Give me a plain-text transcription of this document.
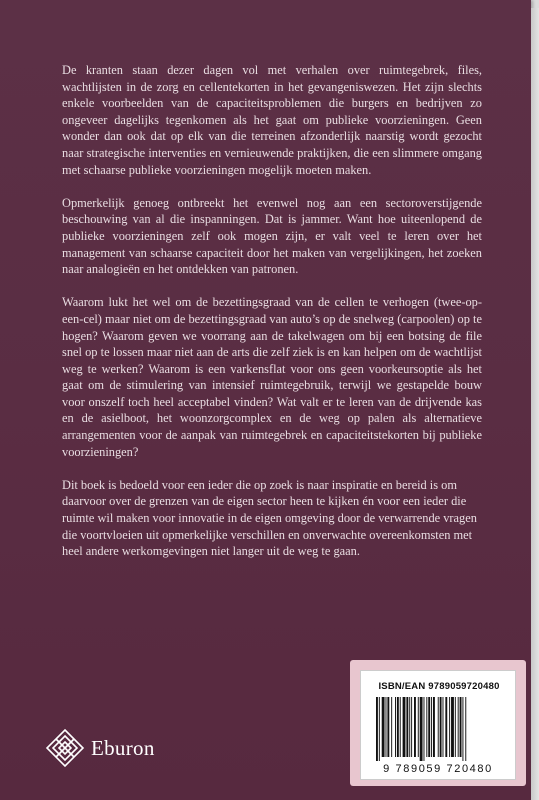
De kranten staan dezer dagen vol met verhalen over ruimtegebrek, files, wachtlijsten in de zorg en cellentekorten in het gevangeniswezen. Het zijn slechts enkele voorbeelden van de capaciteitsproblemen die burgers en bedrijven zo ongeveer dagelijks tegenkomen als het gaat om publieke voorzieningen. Geen wonder dan ook dat op elk van die terreinen afzonderlijk naarstig wordt gezocht naar strategische interventies en vernieuwende praktijken, die een slimmere omgang met schaarse publieke voorzieningen mogelijk moeten maken.

Opmerkelijk genoeg ontbreekt het evenwel nog aan een sectoroverstijgende beschouwing van al die inspanningen. Dat is jammer. Want hoe uiteenlopend de publieke voorzieningen zelf ook mogen zijn, er valt veel te leren over het management van schaarse capaciteit door het maken van vergelijkingen, het zoeken naar analogieën en het ontdekken van patronen.

Waarom lukt het wel om de bezettingsgraad van de cellen te verhogen (twee-op-een-cel) maar niet om de bezettingsgraad van auto’s op de snelweg (carpoolen) op te hogen? Waarom geven we voorrang aan de takelwagen om bij een botsing de file snel op te lossen maar niet aan de arts die zelf ziek is en kan helpen om de wachtlijst weg te werken? Waarom is een varkensflat voor ons geen voorkeursoptie als het gaat om de stimulering van intensief ruimtegebruik, terwijl we gestapelde bouw voor onszelf toch heel acceptabel vinden? Wat valt er te leren van de drijvende kas en de asielboot, het woonzorgcomplex en de weg op palen als alternatieve arrangementen voor de aanpak van ruimtegebrek en capaciteitstekorten bij publieke voorzieningen?

Dit boek is bedoeld voor een ieder die op zoek is naar inspiratie en bereid is om daarvoor over de grenzen van de eigen sector heen te kijken én voor een ieder die ruimte wil maken voor innovatie in de eigen omgeving door de verwarrende vragen die voortvloeien uit opmerkelijke verschillen en onverwachte overeenkomsten met heel andere werkomgevingen niet langer uit de weg te gaan.

Eburon
ISBN/EAN 9789059720480
9 789059 720480
